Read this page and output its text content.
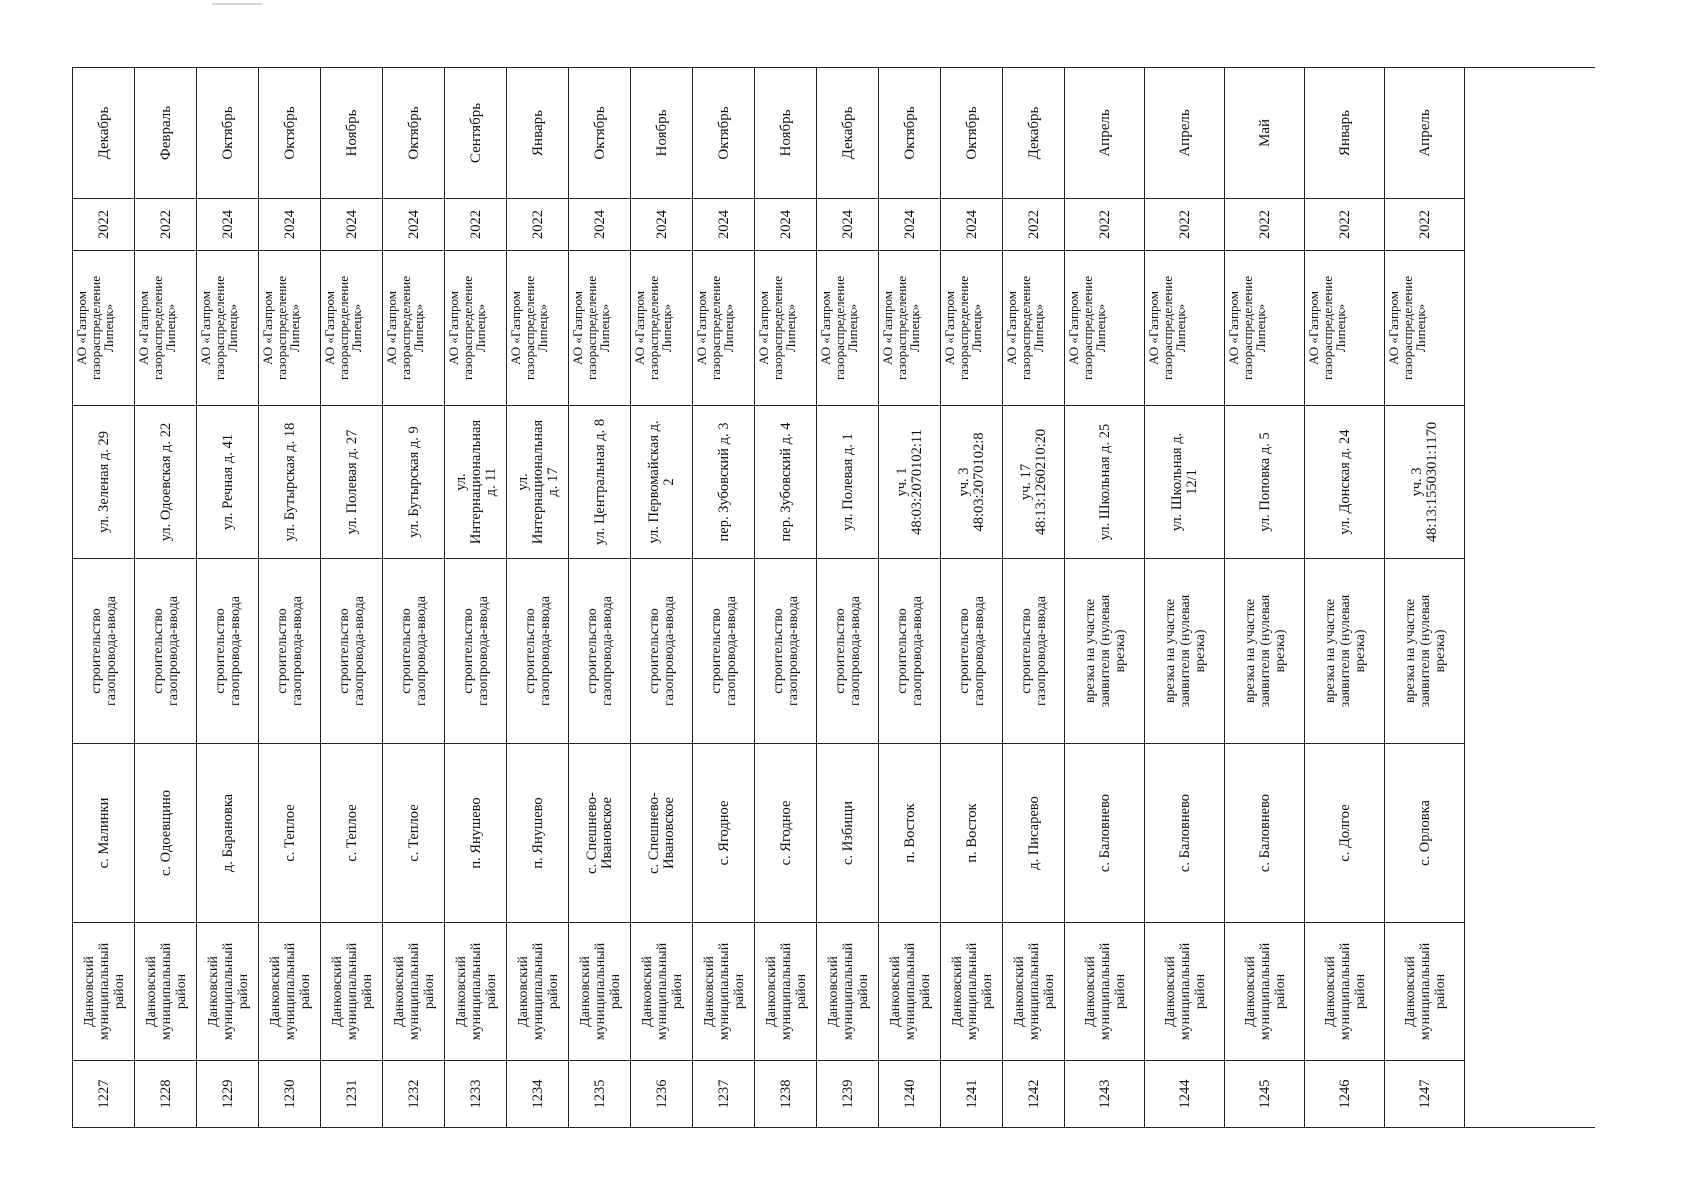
1227
Данковский
муниципальный
район
с. Малинки
строительство
газопровода-ввода
ул. Зеленая д. 29
АО «Газпром
газораспределение
Липецк»
2022
Декабрь
1228
Данковский
муниципальный
район
с. Одоевщино
строительство
газопровода-ввода
ул. Одоевская д. 22
АО «Газпром
газораспределение
Липецк»
2022
Февраль
1229
Данковский
муниципальный
район
д. Барановка
строительство
газопровода-ввода
ул. Речная д. 41
АО «Газпром
газораспределение
Липецк»
2024
Октябрь
1230
Данковский
муниципальный
район
с. Теплое
строительство
газопровода-ввода
ул. Бутырская д. 18
АО «Газпром
газораспределение
Липецк»
2024
Октябрь
1231
Данковский
муниципальный
район
с. Теплое
строительство
газопровода-ввода
ул. Полевая д. 27
АО «Газпром
газораспределение
Липецк»
2024
Ноябрь
1232
Данковский
муниципальный
район
с. Теплое
строительство
газопровода-ввода
ул. Бутырская д. 9
АО «Газпром
газораспределение
Липецк»
2024
Октябрь
1233
Данковский
муниципальный
район
п. Янушево
строительство
газопровода-ввода
ул.
Интернациональная
д. 11
АО «Газпром
газораспределение
Липецк»
2022
Сентябрь
1234
Данковский
муниципальный
район
п. Янушево
строительство
газопровода-ввода
ул.
Интернациональная
д. 17
АО «Газпром
газораспределение
Липецк»
2022
Январь
1235
Данковский
муниципальный
район
с. Спешнево-
Ивановское
строительство
газопровода-ввода
ул. Центральная д. 8
АО «Газпром
газораспределение
Липецк»
2024
Октябрь
1236
Данковский
муниципальный
район
с. Спешнево-
Ивановское
строительство
газопровода-ввода
ул. Первомайская д.
2
АО «Газпром
газораспределение
Липецк»
2024
Ноябрь
1237
Данковский
муниципальный
район
с. Ягодное
строительство
газопровода-ввода
пер. Зубовский д. 3
АО «Газпром
газораспределение
Липецк»
2024
Октябрь
1238
Данковский
муниципальный
район
с. Ягодное
строительство
газопровода-ввода
пер. Зубовский д. 4
АО «Газпром
газораспределение
Липецк»
2024
Ноябрь
1239
Данковский
муниципальный
район
с. Избищи
строительство
газопровода-ввода
ул. Полевая д. 1
АО «Газпром
газораспределение
Липецк»
2024
Декабрь
1240
Данковский
муниципальный
район
п. Восток
строительство
газопровода-ввода
уч. 1
48:03:2070102:11
АО «Газпром
газораспределение
Липецк»
2024
Октябрь
1241
Данковский
муниципальный
район
п. Восток
строительство
газопровода-ввода
уч. 3
48:03:2070102:8
АО «Газпром
газораспределение
Липецк»
2024
Октябрь
1242
Данковский
муниципальный
район
д. Писарево
строительство
газопровода-ввода
уч. 17
48:13:1260210:20
АО «Газпром
газораспределение
Липецк»
2022
Декабрь
1243
Данковский
муниципальный
район
с. Баловнево
врезка на участке
заявителя (нулевая
врезка)
ул. Школьная д. 25
АО «Газпром
газораспределение
Липецк»
2022
Апрель
1244
Данковский
муниципальный
район
с. Баловнево
врезка на участке
заявителя (нулевая
врезка)
ул. Школьная д.
12/1
АО «Газпром
газораспределение
Липецк»
2022
Апрель
1245
Данковский
муниципальный
район
с. Баловнево
врезка на участке
заявителя (нулевая
врезка)
ул. Поповка д. 5
АО «Газпром
газораспределение
Липецк»
2022
Май
1246
Данковский
муниципальный
район
с. Долгое
врезка на участке
заявителя (нулевая
врезка)
ул. Донская д. 24
АО «Газпром
газораспределение
Липецк»
2022
Январь
1247
Данковский
муниципальный
район
с. Орловка
врезка на участке
заявителя (нулевая
врезка)
уч. 3
48:13:1550301:1170
АО «Газпром
газораспределение
Липецк»
2022
Апрель
